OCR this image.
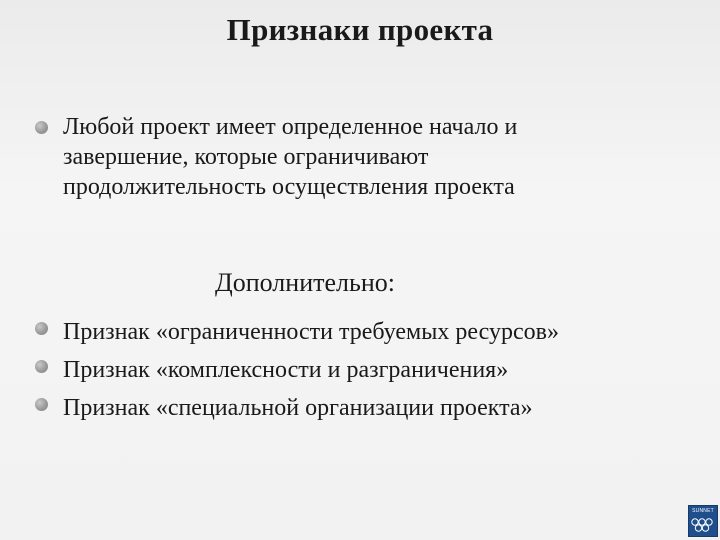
Признаки проекта
Любой проект имеет определенное начало и завершение, которые ограничивают продолжительность осуществления проекта
Дополнительно:
Признак «ограниченности требуемых ресурсов»
Признак «комплексности и разграничения»
Признак «специальной организации проекта»
SUNNET
